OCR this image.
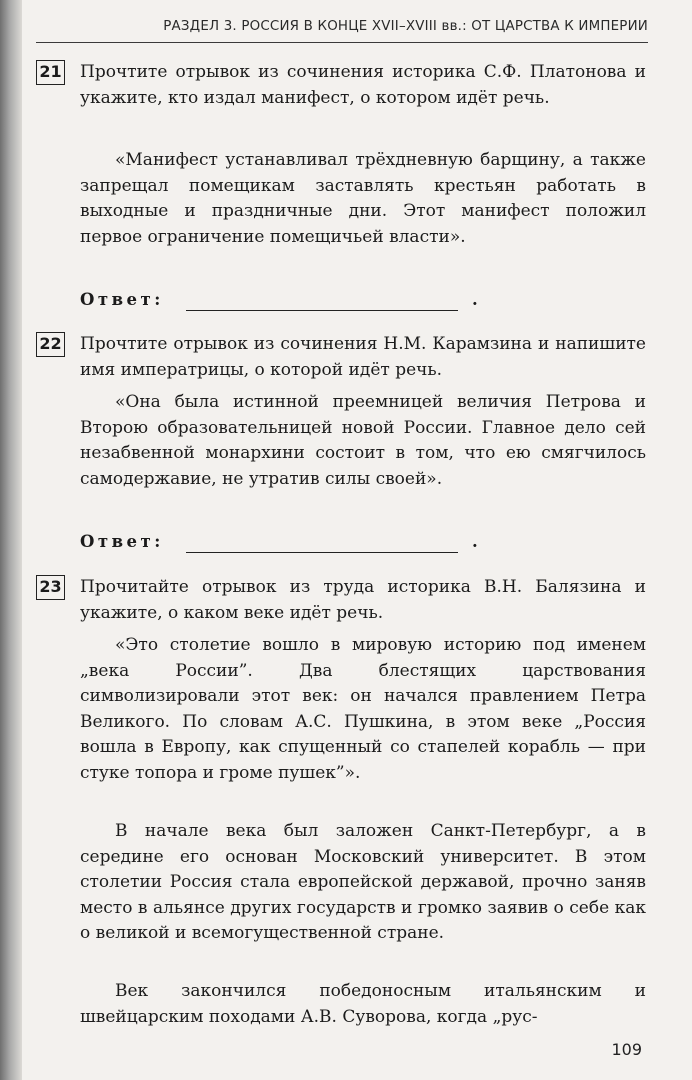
РАЗДЕЛ 3. РОССИЯ В КОНЦЕ XVII–XVIII вв.: ОТ ЦАРСТВА К ИМПЕРИИ
21 Прочтите отрывок из сочинения историка С.Ф. Платонова и укажите, кто издал манифест, о котором идёт речь.

«Манифест устанавливал трёхдневную барщину, а также запрещал помещикам заставлять крестьян работать в выходные и праздничные дни. Этот манифест положил первое ограничение помещичьей власти».

Ответ:	.
22 Прочтите отрывок из сочинения Н.М. Карамзина и напишите имя императрицы, о которой идёт речь.

«Она была истинной преемницей величия Петрова и Второю образовательницей новой России. Главное дело сей незабвенной монархини состоит в том, что ею смягчилось самодержавие, не утратив силы своей».

Ответ:	.
23 Прочитайте отрывок из труда историка В.Н. Балязина и укажите, о каком веке идёт речь.

«Это столетие вошло в мировую историю под именем „века России”. Два блестящих царствования символизировали этот век: он начался правлением Петра Великого. По словам А.С. Пушкина, в этом веке „Россия вошла в Европу, как спущенный со стапелей корабль — при стуке топора и громе пушек”».

В начале века был заложен Санкт-Петербург, а в середине его основан Московский университет. В этом столетии Россия стала европейской державой, прочно заняв место в альянсе других государств и громко заявив о себе как о великой и всемогущественной стране.

Век закончился победоносным итальянским и швейцарским походами А.В. Суворова, когда „рус-

109
